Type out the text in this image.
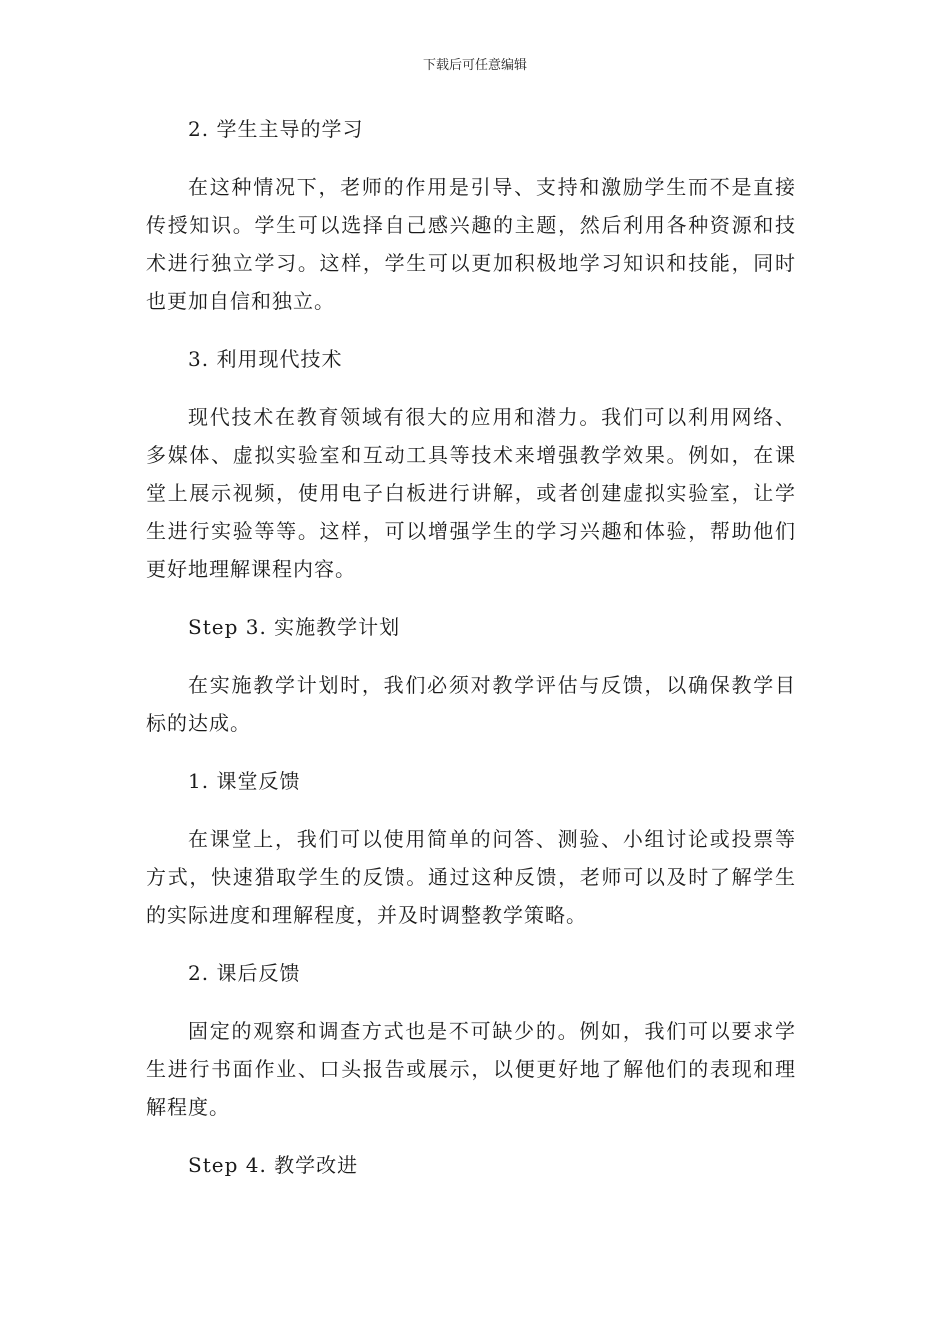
下载后可任意编辑
2. 学生主导的学习
在这种情况下，老师的作用是引导、支持和激励学生而不是直接传授知识。学生可以选择自己感兴趣的主题，然后利用各种资源和技术进行独立学习。这样，学生可以更加积极地学习知识和技能，同时也更加自信和独立。
3. 利用现代技术
现代技术在教育领域有很大的应用和潜力。我们可以利用网络、多媒体、虚拟实验室和互动工具等技术来增强教学效果。例如，在课堂上展示视频，使用电子白板进行讲解，或者创建虚拟实验室，让学生进行实验等等。这样，可以增强学生的学习兴趣和体验，帮助他们更好地理解课程内容。
Step 3. 实施教学计划
在实施教学计划时，我们必须对教学评估与反馈，以确保教学目标的达成。
1. 课堂反馈
在课堂上，我们可以使用简单的问答、测验、小组讨论或投票等方式，快速猎取学生的反馈。通过这种反馈，老师可以及时了解学生的实际进度和理解程度，并及时调整教学策略。
2. 课后反馈
固定的观察和调查方式也是不可缺少的。例如，我们可以要求学生进行书面作业、口头报告或展示，以便更好地了解他们的表现和理解程度。
Step 4. 教学改进
